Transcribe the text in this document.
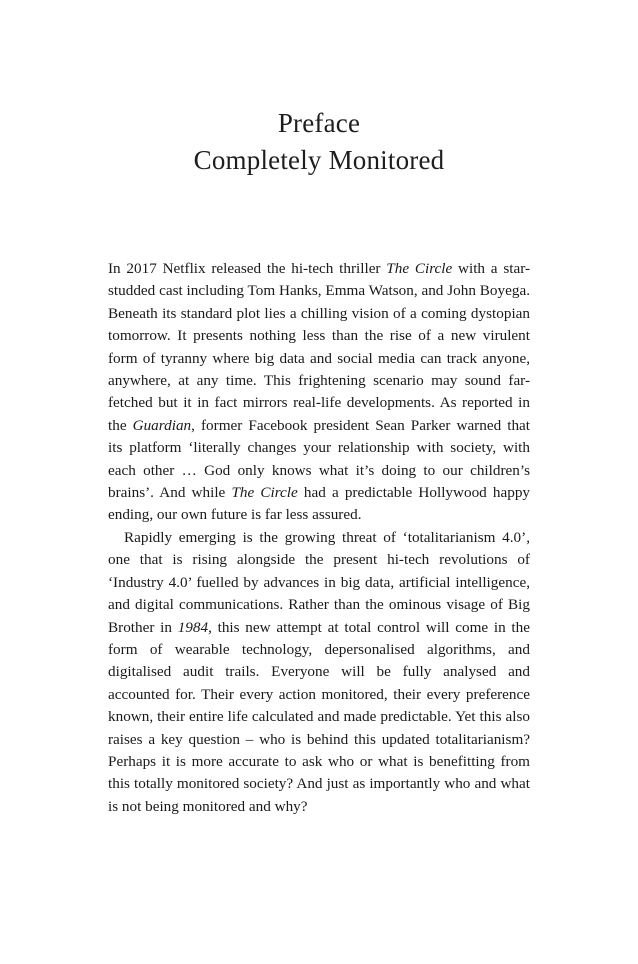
Preface
Completely Monitored

In 2017 Netflix released the hi-tech thriller The Circle with a star-studded cast including Tom Hanks, Emma Watson, and John Boyega. Beneath its standard plot lies a chilling vision of a coming dystopian tomorrow. It presents nothing less than the rise of a new virulent form of tyranny where big data and social media can track anyone, anywhere, at any time. This frightening scenario may sound far-fetched but it in fact mirrors real-life developments. As reported in the Guardian, former Facebook president Sean Parker warned that its platform ‘literally changes your relationship with society, with each other … God only knows what it’s doing to our children’s brains’. And while The Circle had a predictable Hollywood happy ending, our own future is far less assured.

Rapidly emerging is the growing threat of ‘totalitarianism 4.0’, one that is rising alongside the present hi-tech revolutions of ‘Industry 4.0’ fuelled by advances in big data, artificial intelligence, and digital communications. Rather than the ominous visage of Big Brother in 1984, this new attempt at total control will come in the form of wearable technology, depersonalised algorithms, and digitalised audit trails. Everyone will be fully analysed and accounted for. Their every action monitored, their every preference known, their entire life calculated and made predictable. Yet this also raises a key question – who is behind this updated totalitarianism? Perhaps it is more accurate to ask who or what is benefitting from this totally monitored society? And just as importantly who and what is not being monitored and why?
